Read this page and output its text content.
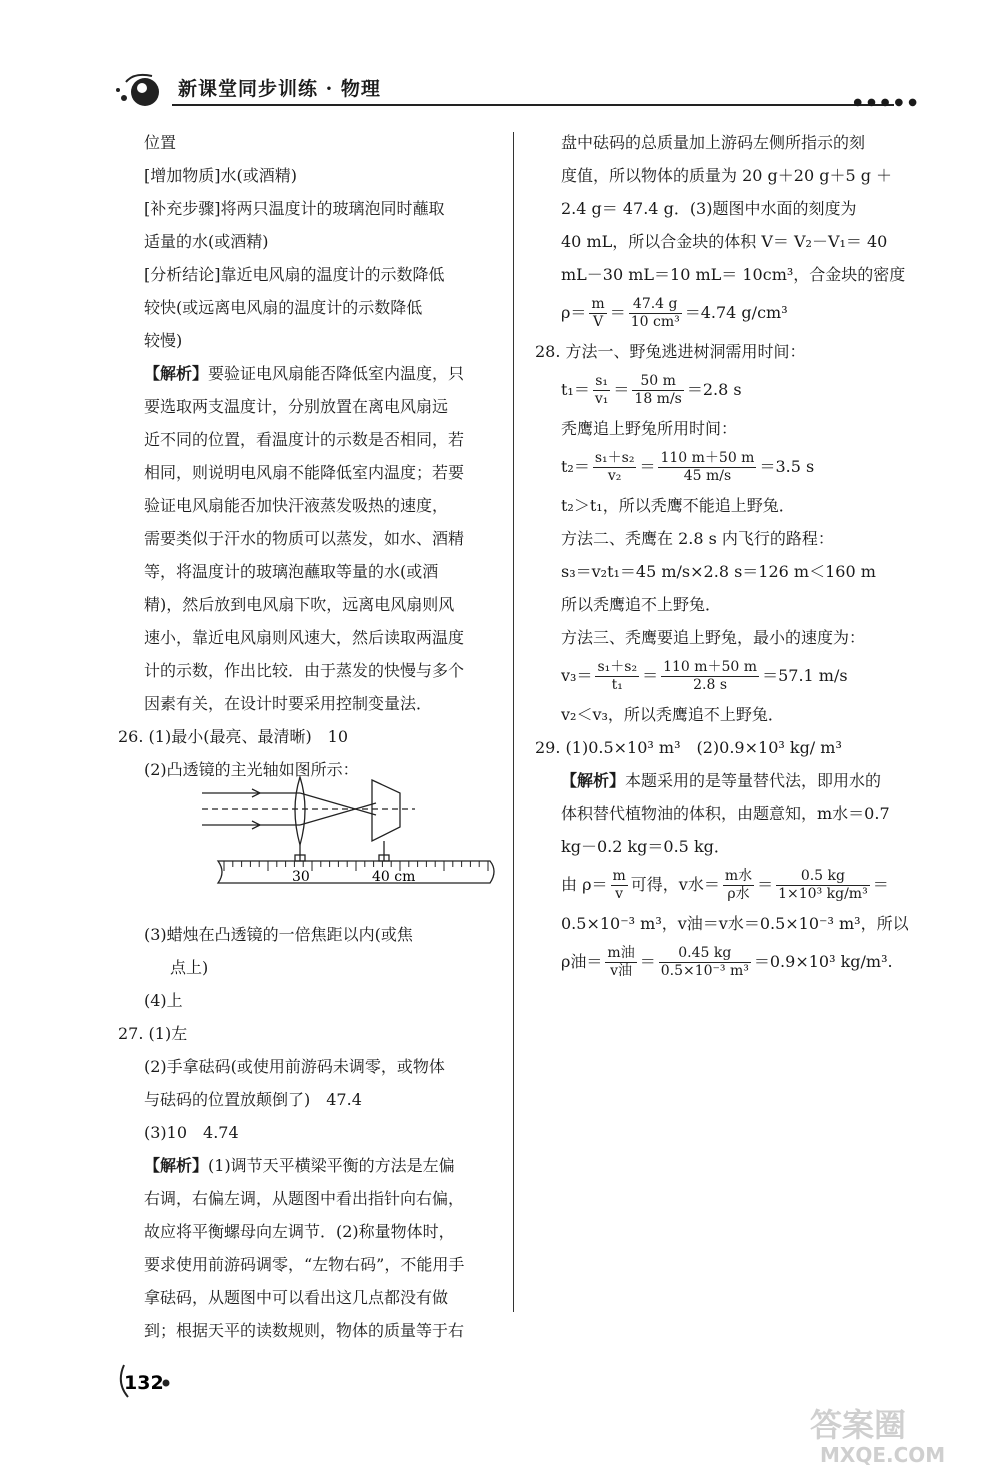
新课堂同步训练 · 物理
●●●●●
位置
[增加物质]水(或酒精)
[补充步骤]将两只温度计的玻璃泡同时蘸取
适量的水(或酒精)
[分析结论]靠近电风扇的温度计的示数降低
较快(或远离电风扇的温度计的示数降低
较慢)
【解析】要验证电风扇能否降低室内温度，只
要选取两支温度计，分别放置在离电风扇远
近不同的位置，看温度计的示数是否相同，若
相同，则说明电风扇不能降低室内温度；若要
验证电风扇能否加快汗液蒸发吸热的速度，
需要类似于汗水的物质可以蒸发，如水、酒精
等，将温度计的玻璃泡蘸取等量的水(或酒
精)，然后放到电风扇下吹，远离电风扇则风
速小，靠近电风扇则风速大，然后读取两温度
计的示数，作出比较．由于蒸发的快慢与多个
因素有关，在设计时要采用控制变量法．
26. (1)最小(最亮、最清晰)　10
(2)凸透镜的主光轴如图所示：
(3)蜡烛在凸透镜的一倍焦距以内(或焦
点上)
(4)上
27. (1)左
(2)手拿砝码(或使用前游码未调零，或物体
与砝码的位置放颠倒了)　47.4
(3)10　4.74
【解析】(1)调节天平横梁平衡的方法是左偏
右调，右偏左调，从题图中看出指针向右偏，
故应将平衡螺母向左调节．(2)称量物体时，
要求使用前游码调零，“左物右码”，不能用手
拿砝码，从题图中可以看出这几点都没有做
到；根据天平的读数规则，物体的质量等于右
30	40 cm
盘中砝码的总质量加上游码左侧所指示的刻
度值，所以物体的质量为 20 g＋20 g＋5 g ＋
2.4 g＝ 47.4 g．(3)题图中水面的刻度为
40 mL，所以合金块的体积 V＝ V₂－V₁＝ 40
mL－30 mL＝10 mL＝ 10cm³，合金块的密度
$\rho= \frac{m}{V} = \frac{47.4 g}{\text{10 cm³}} =4.74$ g/cm³
28. 方法一、野兔逃进树洞需用时间：
$t_1= \frac{\text{s₁}}{\text{v₁}} = \frac{50 m}{18 m/s} =2.8$ s
秃鹰追上野兔所用时间：
$t_2= \frac{\text{s₁＋s₂}}{\text{v₂}} = \frac{110 m+50 m}{45 m/s} =3.5$ s
t₂＞t₁，所以秃鹰不能追上野兔．
方法二、秃鹰在 2.8 s 内飞行的路程：
s₃＝v₂t₁＝45 m/s×2.8 s＝126 m＜160 m
所以秃鹰追不上野兔．
方法三、秃鹰要追上野兔，最小的速度为：
$v_3= \frac{\text{s₁＋s₂}}{\text{t₁}} = \frac{110 m+50 m}{2.8 s} =57.1$ m/s
v₂＜v₃，所以秃鹰追不上野兔．
29. (1)0.5×10³ m³　(2)0.9×10³ kg/ m³
【解析】本题采用的是等量替代法，即用水的
体积替代植物油的体积，由题意知，m水＝0.7
kg－0.2 kg＝0.5 kg．
由 $\rho= \frac{m}{v}$ 可得，v水＝ m水
ρ水 ＝ $\frac{0.5 kg}{\text{1×10³ kg/m³}}$ ＝
0.5×10⁻³ m³，v油＝v水＝0.5×10⁻³ m³，所以
ρ油＝ m油
v油 ＝ $\frac{0.45 kg}{\text{0.5×10⁻³ m³}} =0.9\times 10^3$ kg/m³.
132
答案圈
MXQE.COM
